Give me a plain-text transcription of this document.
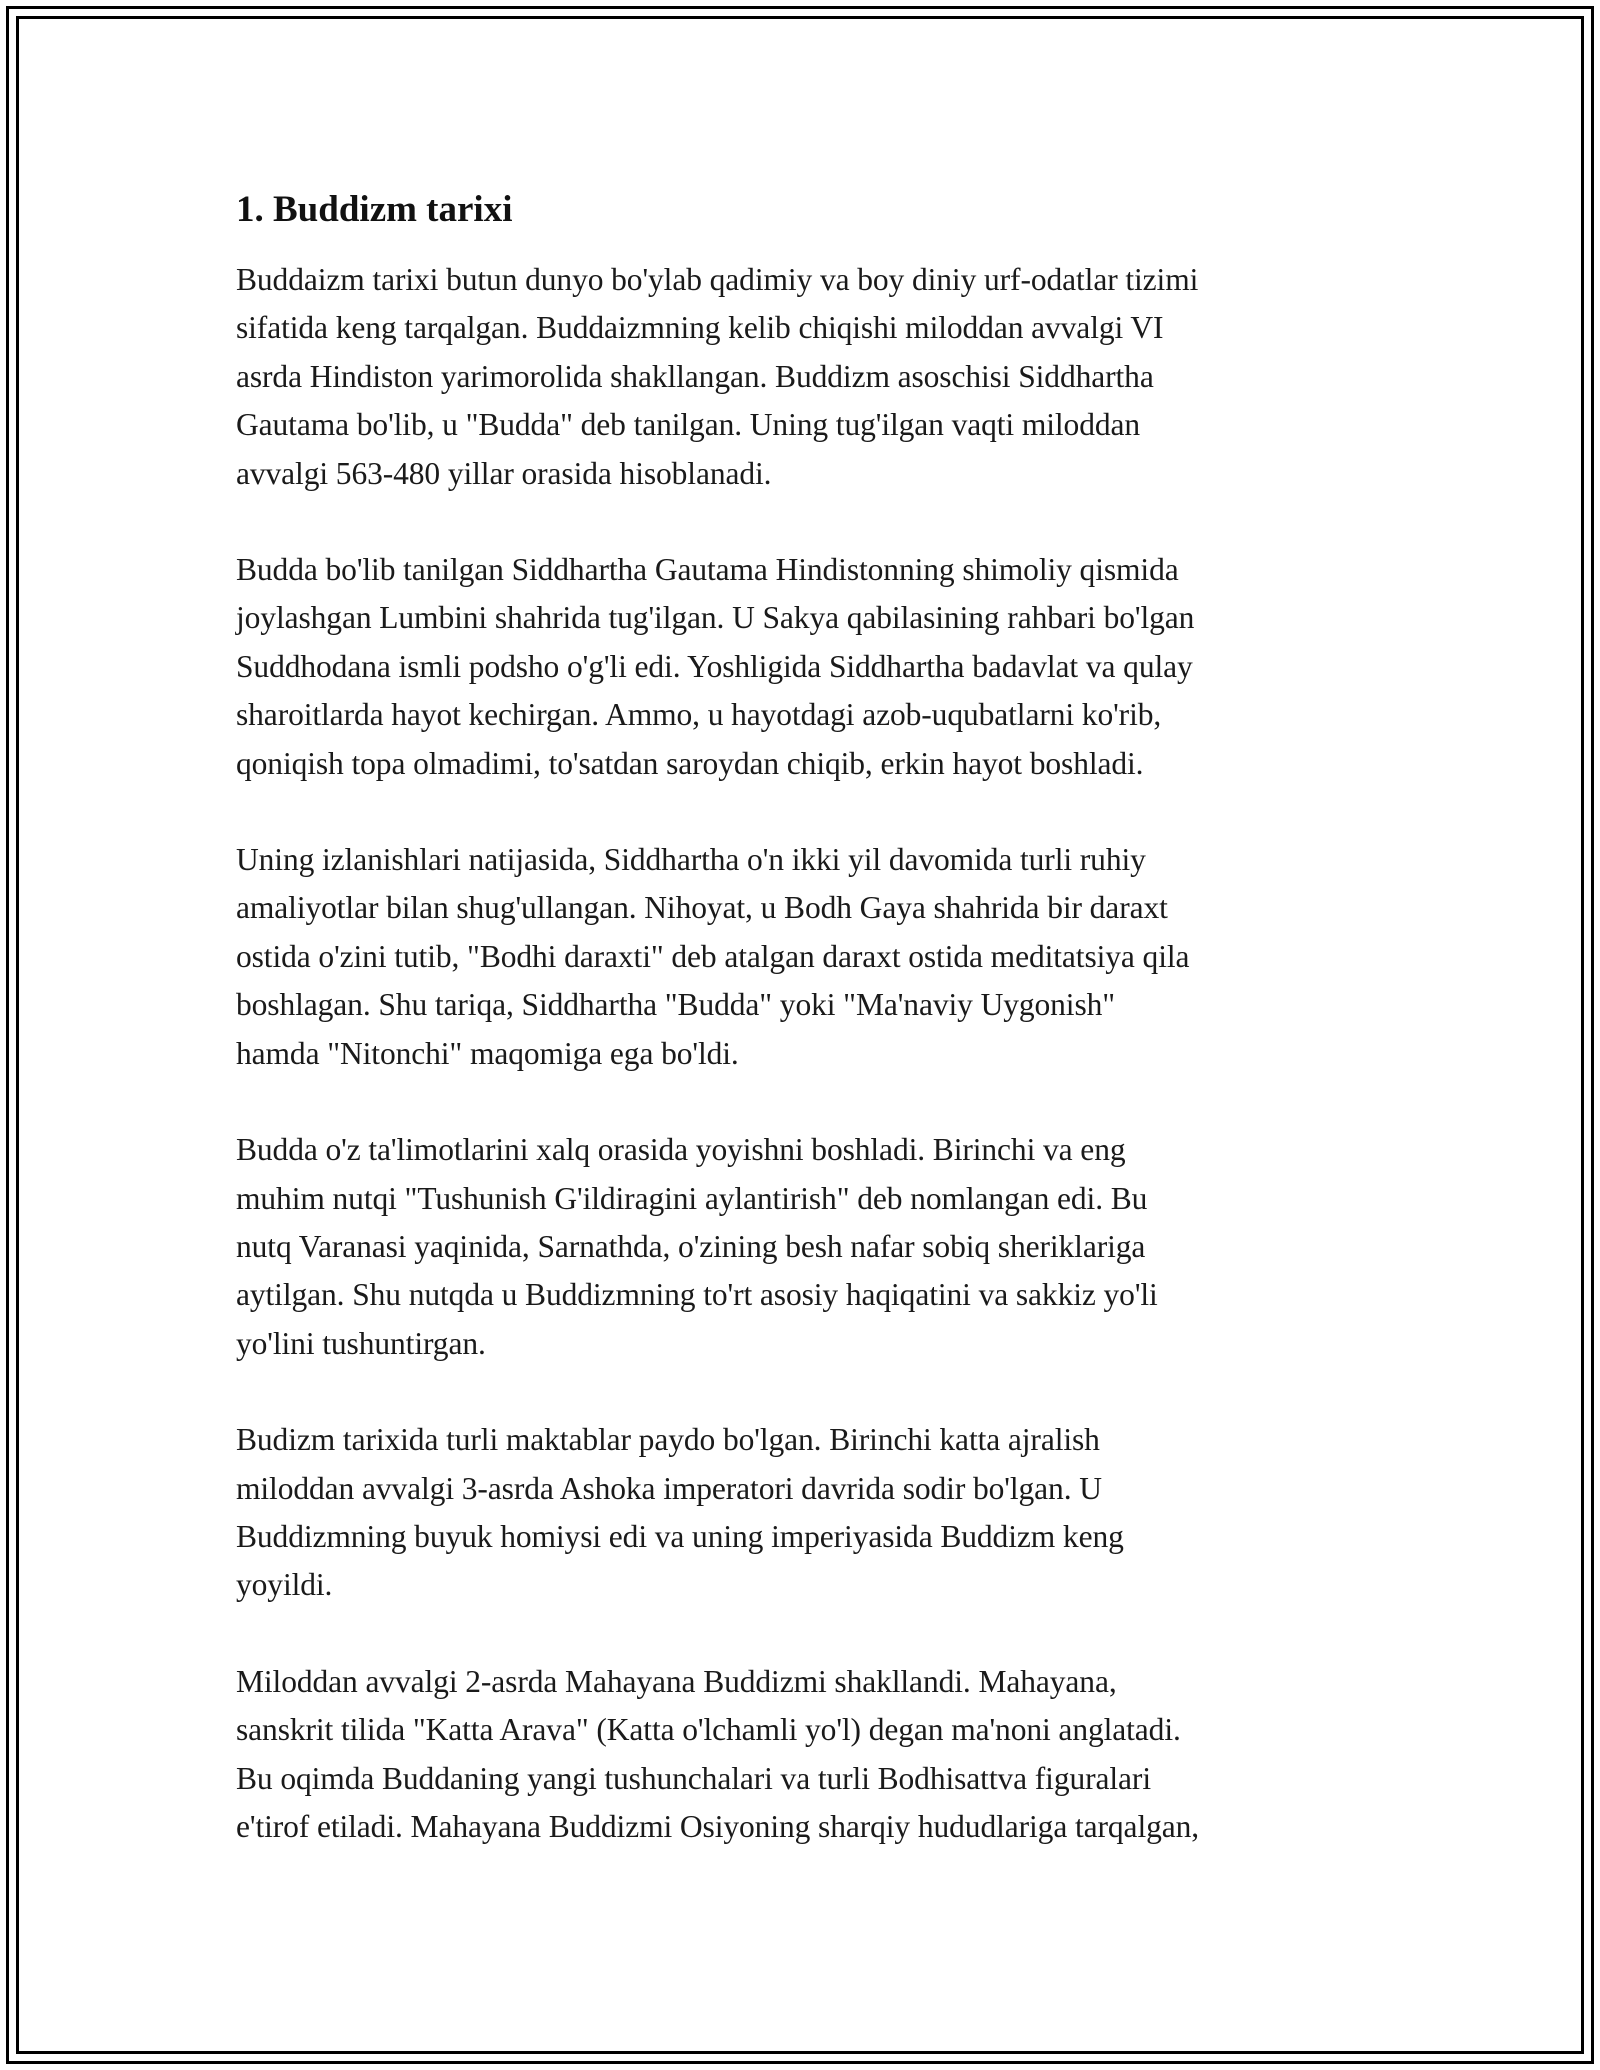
1. Buddizm tarixi

Buddaizm tarixi butun dunyo bo'ylab qadimiy va boy diniy urf-odatlar tizimi
sifatida keng tarqalgan. Buddaizmning kelib chiqishi miloddan avvalgi VI
asrda Hindiston yarimorolida shakllangan. Buddizm asoschisi Siddhartha
Gautama bo'lib, u "Budda" deb tanilgan. Uning tug'ilgan vaqti miloddan
avvalgi 563-480 yillar orasida hisoblanadi.

Budda bo'lib tanilgan Siddhartha Gautama Hindistonning shimoliy qismida
joylashgan Lumbini shahrida tug'ilgan. U Sakya qabilasining rahbari bo'lgan
Suddhodana ismli podsho o'g'li edi. Yoshligida Siddhartha badavlat va qulay
sharoitlarda hayot kechirgan. Ammo, u hayotdagi azob-uqubatlarni ko'rib,
qoniqish topa olmadimi, to'satdan saroydan chiqib, erkin hayot boshladi.

Uning izlanishlari natijasida, Siddhartha o'n ikki yil davomida turli ruhiy
amaliyotlar bilan shug'ullangan. Nihoyat, u Bodh Gaya shahrida bir daraxt
ostida o'zini tutib, "Bodhi daraxti" deb atalgan daraxt ostida meditatsiya qila
boshlagan. Shu tariqa, Siddhartha "Budda" yoki "Ma'naviy Uygonish"
hamda "Nitonchi" maqomiga ega bo'ldi.

Budda o'z ta'limotlarini xalq orasida yoyishni boshladi. Birinchi va eng
muhim nutqi "Tushunish G'ildiragini aylantirish" deb nomlangan edi. Bu
nutq Varanasi yaqinida, Sarnathda, o'zining besh nafar sobiq sheriklariga
aytilgan. Shu nutqda u Buddizmning to'rt asosiy haqiqatini va sakkiz yo'li
yo'lini tushuntirgan.

Budizm tarixida turli maktablar paydo bo'lgan. Birinchi katta ajralish
miloddan avvalgi 3-asrda Ashoka imperatori davrida sodir bo'lgan. U
Buddizmning buyuk homiysi edi va uning imperiyasida Buddizm keng
yoyildi.

Miloddan avvalgi 2-asrda Mahayana Buddizmi shakllandi. Mahayana,
sanskrit tilida "Katta Arava" (Katta o'lchamli yo'l) degan ma'noni anglatadi.
Bu oqimda Buddaning yangi tushunchalari va turli Bodhisattva figuralari
e'tirof etiladi. Mahayana Buddizmi Osiyoning sharqiy hududlariga tarqalgan,
